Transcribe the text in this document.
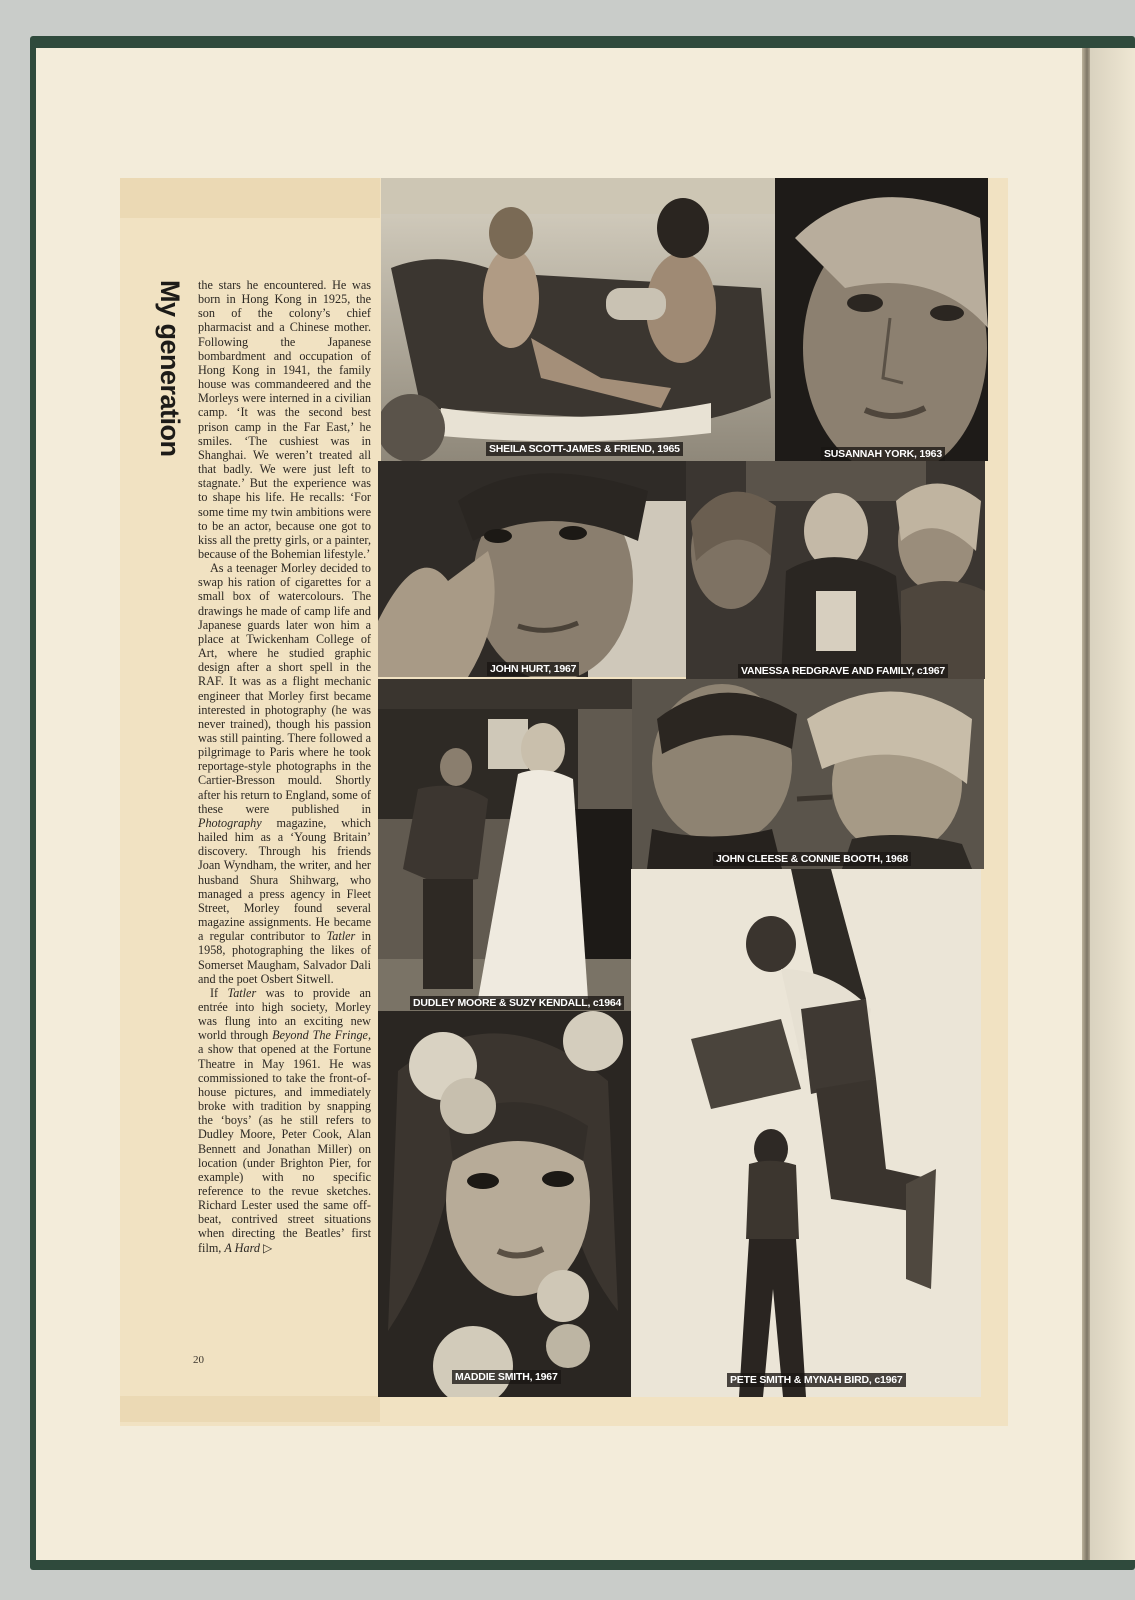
My generation the stars he encountered. He was born in Hong Kong in 1925, the son of the colony’s chief pharmacist and a Chinese mother. Following the Japanese bombardment and occupation of Hong Kong in 1941, the family house was commandeered and the Morleys were interned in a civilian camp. ‘It was the second best prison camp in the Far East,’ he smiles. ‘The cushiest was in Shanghai. We weren’t treated all that badly. We were just left to stagnate.’ But the experience was to shape his life. He recalls: ‘For some time my twin ambitions were to be an actor, because one got to kiss all the pretty girls, or a painter, because of the Bohemian lifestyle.’

As a teenager Morley decided to swap his ration of cigarettes for a small box of watercolours. The drawings he made of camp life and Japanese guards later won him a place at Twickenham College of Art, where he studied graphic design after a short spell in the RAF. It was as a flight mechanic engineer that Morley first became interested in photography (he was never trained), though his passion was still painting. There followed a pilgrimage to Paris where he took reportage-style photographs in the Cartier-Bresson mould. Shortly after his return to England, some of these were published in Photography magazine, which hailed him as a ‘Young Britain’ discovery. Through his friends Joan Wyndham, the writer, and her husband Shura Shihwarg, who managed a press agency in Fleet Street, Morley found several magazine assignments. He became a regular contributor to Tatler in 1958, photographing the likes of Somerset Maugham, Salvador Dali and the poet Osbert Sitwell.

If Tatler was to provide an entrée into high society, Morley was flung into an exciting new world through Beyond The Fringe, a show that opened at the Fortune Theatre in May 1961. He was commissioned to take the front-of-house pictures, and immediately broke with tradition by snapping the ‘boys’ (as he still refers to Dudley Moore, Peter Cook, Alan Bennett and Jonathan Miller) on location (under Brighton Pier, for example) with no specific reference to the revue sketches. Richard Lester used the same off-beat, contrived street situations when directing the Beatles’ first film, A Hard ▷

20
SHEILA SCOTT-JAMES & FRIEND, 1965	SUSANNAH YORK, 1963
JOHN HURT, 1967	VANESSA REDGRAVE AND FAMILY, c1967
DUDLEY MOORE & SUZY KENDALL, c1964
JOHN CLEESE & CONNIE BOOTH, 1968
MADDIE SMITH, 1967	PETE SMITH & MYNAH BIRD, c1967
